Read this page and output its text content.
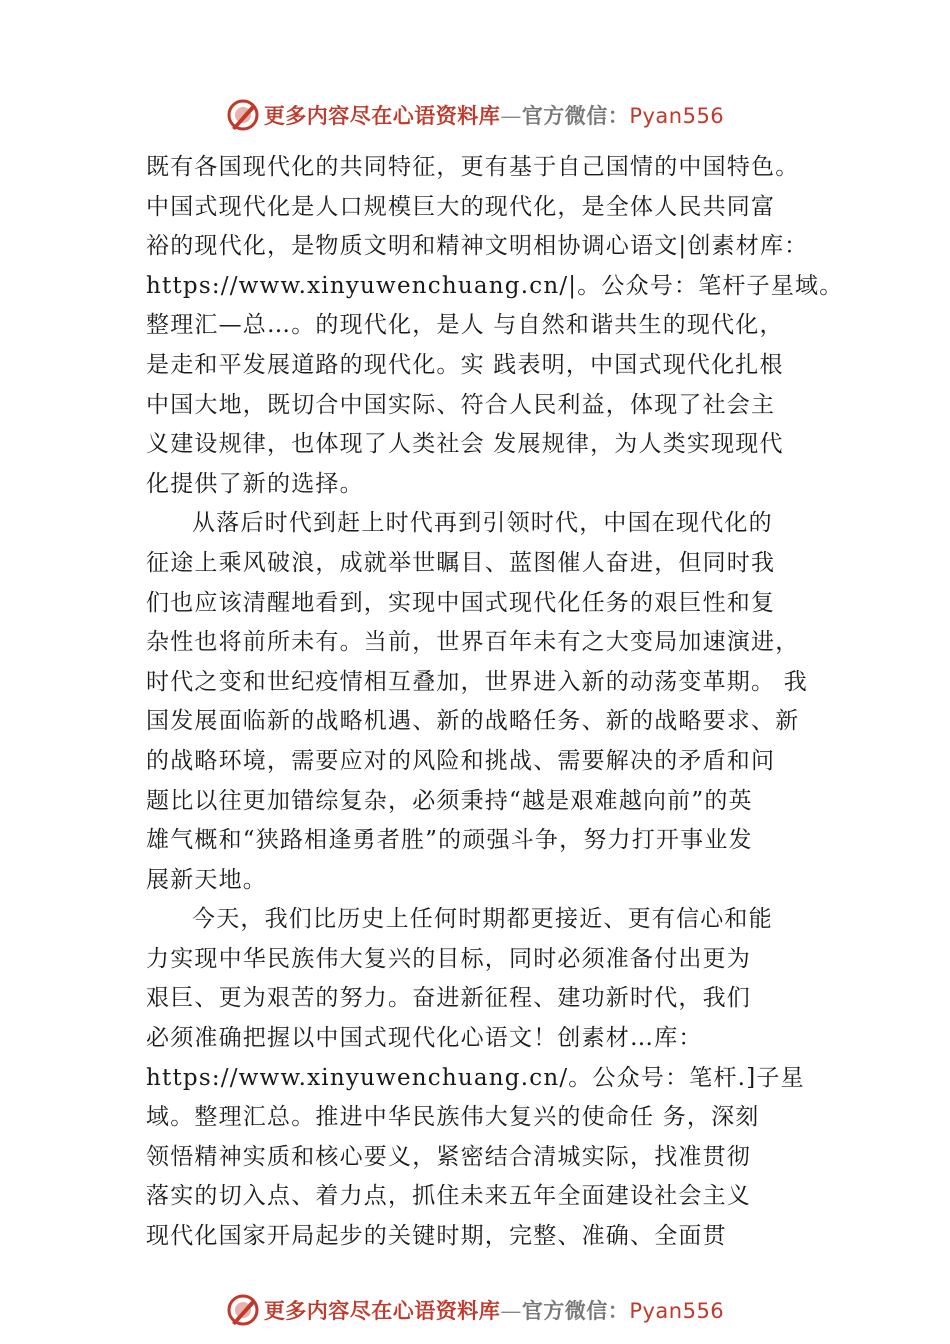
更多内容尽在心语资料库—官方微信：Pyan556
既有各国现代化的共同特征，更有基于自己国情的中国特色。
中国式现代化是人口规模巨大的现代化，是全体人民共同富
裕的现代化，是物质文明和精神文明相协调心语文|创素材库：
https://www.xinyuwenchuang.cn/|。公众号：笔杆子星域。
整理汇—总…。的现代化，是人 与自然和谐共生的现代化，
是走和平发展道路的现代化。实 践表明，中国式现代化扎根
中国大地，既切合中国实际、符合人民利益，体现了社会主
义建设规律，也体现了人类社会 发展规律，为人类实现现代
化提供了新的选择。
从落后时代到赶上时代再到引领时代，中国在现代化的
征途上乘风破浪，成就举世瞩目、蓝图催人奋进，但同时我
们也应该清醒地看到，实现中国式现代化任务的艰巨性和复
杂性也将前所未有。当前，世界百年未有之大变局加速演进，
时代之变和世纪疫情相互叠加，世界进入新的动荡变革期。 我
国发展面临新的战略机遇、新的战略任务、新的战略要求、新
的战略环境，需要应对的风险和挑战、需要解决的矛盾和问
题比以往更加错综复杂，必须秉持“越是艰难越向前”的英
雄气概和“狭路相逢勇者胜”的顽强斗争，努力打开事业发
展新天地。
今天，我们比历史上任何时期都更接近、更有信心和能
力实现中华民族伟大复兴的目标，同时必须准备付出更为
艰巨、更为艰苦的努力。奋进新征程、建功新时代，我们
必须准确把握以中国式现代化心语文！创素材…库：
https://www.xinyuwenchuang.cn/。公众号：笔杆.]子星
域。整理汇总。推进中华民族伟大复兴的使命任 务，深刻
领悟精神实质和核心要义，紧密结合清城实际，找准贯彻
落实的切入点、着力点，抓住未来五年全面建设社会主义
现代化国家开局起步的关键时期，完整、准确、全面贯
更多内容尽在心语资料库—官方微信：Pyan556
